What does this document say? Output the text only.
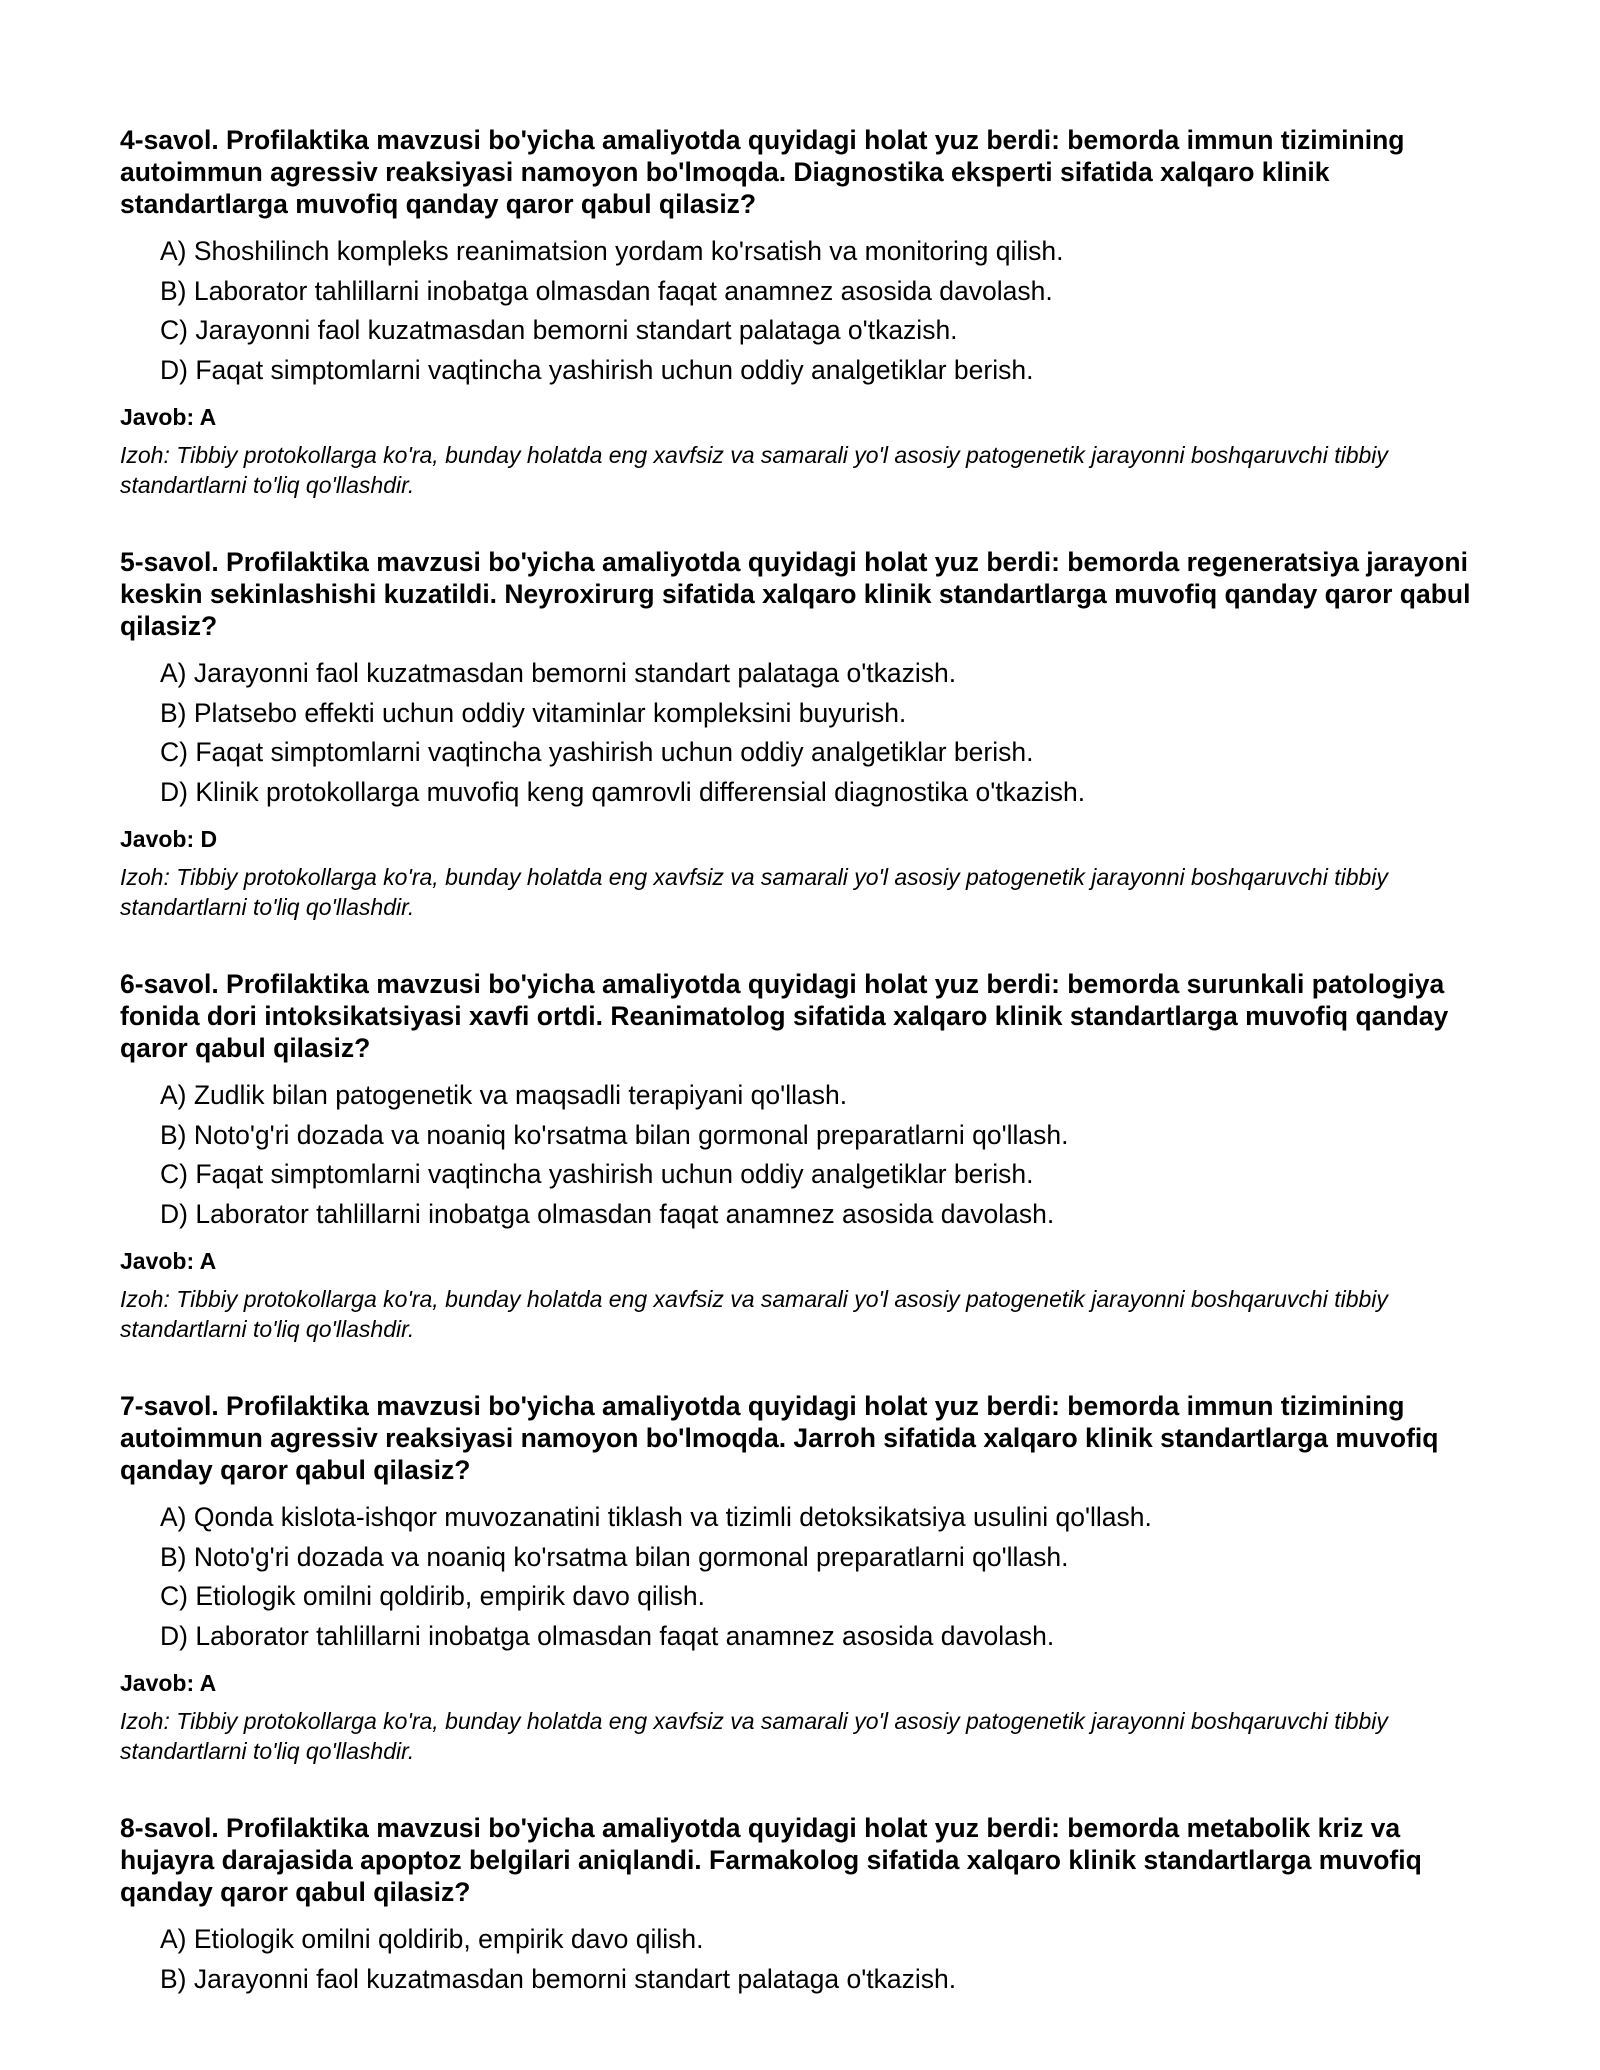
4-savol. Profilaktika mavzusi bo'yicha amaliyotda quyidagi holat yuz berdi: bemorda immun tizimining autoimmun agressiv reaksiyasi namoyon bo'lmoqda. Diagnostika eksperti sifatida xalqaro klinik standartlarga muvofiq qanday qaror qabul qilasiz?

A) Shoshilinch kompleks reanimatsion yordam ko'rsatish va monitoring qilish.
B) Laborator tahlillarni inobatga olmasdan faqat anamnez asosida davolash.
C) Jarayonni faol kuzatmasdan bemorni standart palataga o'tkazish.
D) Faqat simptomlarni vaqtincha yashirish uchun oddiy analgetiklar berish.

Javob: A

Izoh: Tibbiy protokollarga ko'ra, bunday holatda eng xavfsiz va samarali yo'l asosiy patogenetik jarayonni boshqaruvchi tibbiy standartlarni to'liq qo'llashdir.

5-savol. Profilaktika mavzusi bo'yicha amaliyotda quyidagi holat yuz berdi: bemorda regeneratsiya jarayoni keskin sekinlashishi kuzatildi. Neyroxirurg sifatida xalqaro klinik standartlarga muvofiq qanday qaror qabul qilasiz?

A) Jarayonni faol kuzatmasdan bemorni standart palataga o'tkazish.
B) Platsebo effekti uchun oddiy vitaminlar kompleksini buyurish.
C) Faqat simptomlarni vaqtincha yashirish uchun oddiy analgetiklar berish.
D) Klinik protokollarga muvofiq keng qamrovli differensial diagnostika o'tkazish.

Javob: D

Izoh: Tibbiy protokollarga ko'ra, bunday holatda eng xavfsiz va samarali yo'l asosiy patogenetik jarayonni boshqaruvchi tibbiy standartlarni to'liq qo'llashdir.

6-savol. Profilaktika mavzusi bo'yicha amaliyotda quyidagi holat yuz berdi: bemorda surunkali patologiya fonida dori intoksikatsiyasi xavfi ortdi. Reanimatolog sifatida xalqaro klinik standartlarga muvofiq qanday qaror qabul qilasiz?

A) Zudlik bilan patogenetik va maqsadli terapiyani qo'llash.
B) Noto'g'ri dozada va noaniq ko'rsatma bilan gormonal preparatlarni qo'llash.
C) Faqat simptomlarni vaqtincha yashirish uchun oddiy analgetiklar berish.
D) Laborator tahlillarni inobatga olmasdan faqat anamnez asosida davolash.

Javob: A

Izoh: Tibbiy protokollarga ko'ra, bunday holatda eng xavfsiz va samarali yo'l asosiy patogenetik jarayonni boshqaruvchi tibbiy standartlarni to'liq qo'llashdir.

7-savol. Profilaktika mavzusi bo'yicha amaliyotda quyidagi holat yuz berdi: bemorda immun tizimining autoimmun agressiv reaksiyasi namoyon bo'lmoqda. Jarroh sifatida xalqaro klinik standartlarga muvofiq qanday qaror qabul qilasiz?

A) Qonda kislota-ishqor muvozanatini tiklash va tizimli detoksikatsiya usulini qo'llash.
B) Noto'g'ri dozada va noaniq ko'rsatma bilan gormonal preparatlarni qo'llash.
C) Etiologik omilni qoldirib, empirik davo qilish.
D) Laborator tahlillarni inobatga olmasdan faqat anamnez asosida davolash.

Javob: A

Izoh: Tibbiy protokollarga ko'ra, bunday holatda eng xavfsiz va samarali yo'l asosiy patogenetik jarayonni boshqaruvchi tibbiy standartlarni to'liq qo'llashdir.

8-savol. Profilaktika mavzusi bo'yicha amaliyotda quyidagi holat yuz berdi: bemorda metabolik kriz va hujayra darajasida apoptoz belgilari aniqlandi. Farmakolog sifatida xalqaro klinik standartlarga muvofiq qanday qaror qabul qilasiz?

A) Etiologik omilni qoldirib, empirik davo qilish.
B) Jarayonni faol kuzatmasdan bemorni standart palataga o'tkazish.
